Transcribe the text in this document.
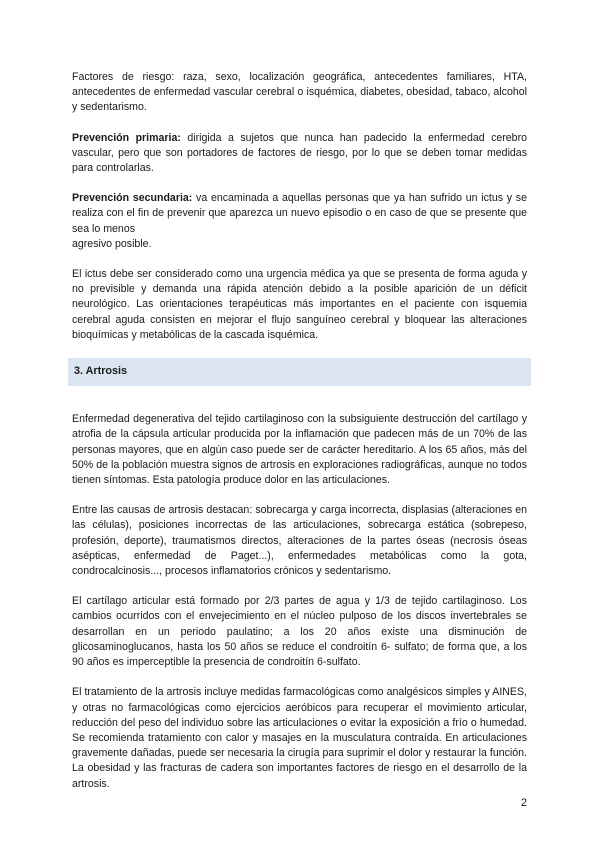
Factores de riesgo: raza, sexo, localización geográfica, antecedentes familiares, HTA, antecedentes de enfermedad vascular cerebral o isquémica, diabetes, obesidad, tabaco, alcohol y sedentarismo.

Prevención primaria: dirigida a sujetos que nunca han padecido la enfermedad cerebro vascular, pero que son portadores de factores de riesgo, por lo que se deben tomar medidas para controlarlas.

Prevención secundaria: va encaminada a aquellas personas que ya han sufrido un ictus y se realiza con el fin de prevenir que aparezca un nuevo episodio o en caso de que se presente que sea lo menos

agresivo posible.

El ictus debe ser considerado como una urgencia médica ya que se presenta de forma aguda y no previsible y demanda una rápida atención debido a la posible aparición de un déficit neurológico. Las orientaciones terapéuticas más importantes en el paciente con isquemia cerebral aguda consisten en mejorar el flujo sanguíneo cerebral y bloquear las alteraciones bioquímicas y metabólicas de la cascada isquémica.

3. Artrosis

Enfermedad degenerativa del tejido cartilaginoso con la subsiguiente destrucción del cartílago y atrofia de la cápsula articular producida por la inflamación que padecen más de un 70% de las personas mayores, que en algún caso puede ser de carácter hereditario. A los 65 años, más del 50% de la población muestra signos de artrosis en exploraciones radiográficas, aunque no todos tienen síntomas. Esta patología produce dolor en las articulaciones.

Entre las causas de artrosis destacan: sobrecarga y carga incorrecta, displasias (alteraciones en las células), posiciones incorrectas de las articulaciones, sobrecarga estática (sobrepeso, profesión, deporte), traumatismos directos, alteraciones de la partes óseas (necrosis óseas asépticas, enfermedad de Paget...), enfermedades metabólicas como la gota, condrocalcinosis..., procesos inflamatorios crónicos y sedentarismo.

El cartílago articular está formado por 2/3 partes de agua y 1/3 de tejido cartilaginoso. Los cambios ocurridos con el envejecimiento en el núcleo pulposo de los discos invertebrales se desarrollan en un periodo paulatino; a los 20 años existe una disminución de glicosaminoglucanos, hasta los 50 años se reduce el condroitín 6- sulfato; de forma que, a los 90 años es imperceptible la presencia de condroitín 6-sulfato.

El tratamiento de la artrosis incluye medidas farmacológicas como analgésicos simples y AINES, y otras no farmacológicas como ejercicios aeróbicos para recuperar el movimiento articular, reducción del peso del individuo sobre las articulaciones o evitar la exposición a frío o humedad. Se recomienda tratamiento con calor y masajes en la musculatura contraída. En articulaciones gravemente dañadas, puede ser necesaria la cirugía para suprimir el dolor y restaurar la función. La obesidad y las fracturas de cadera son importantes factores de riesgo en el desarrollo de la artrosis.

2
